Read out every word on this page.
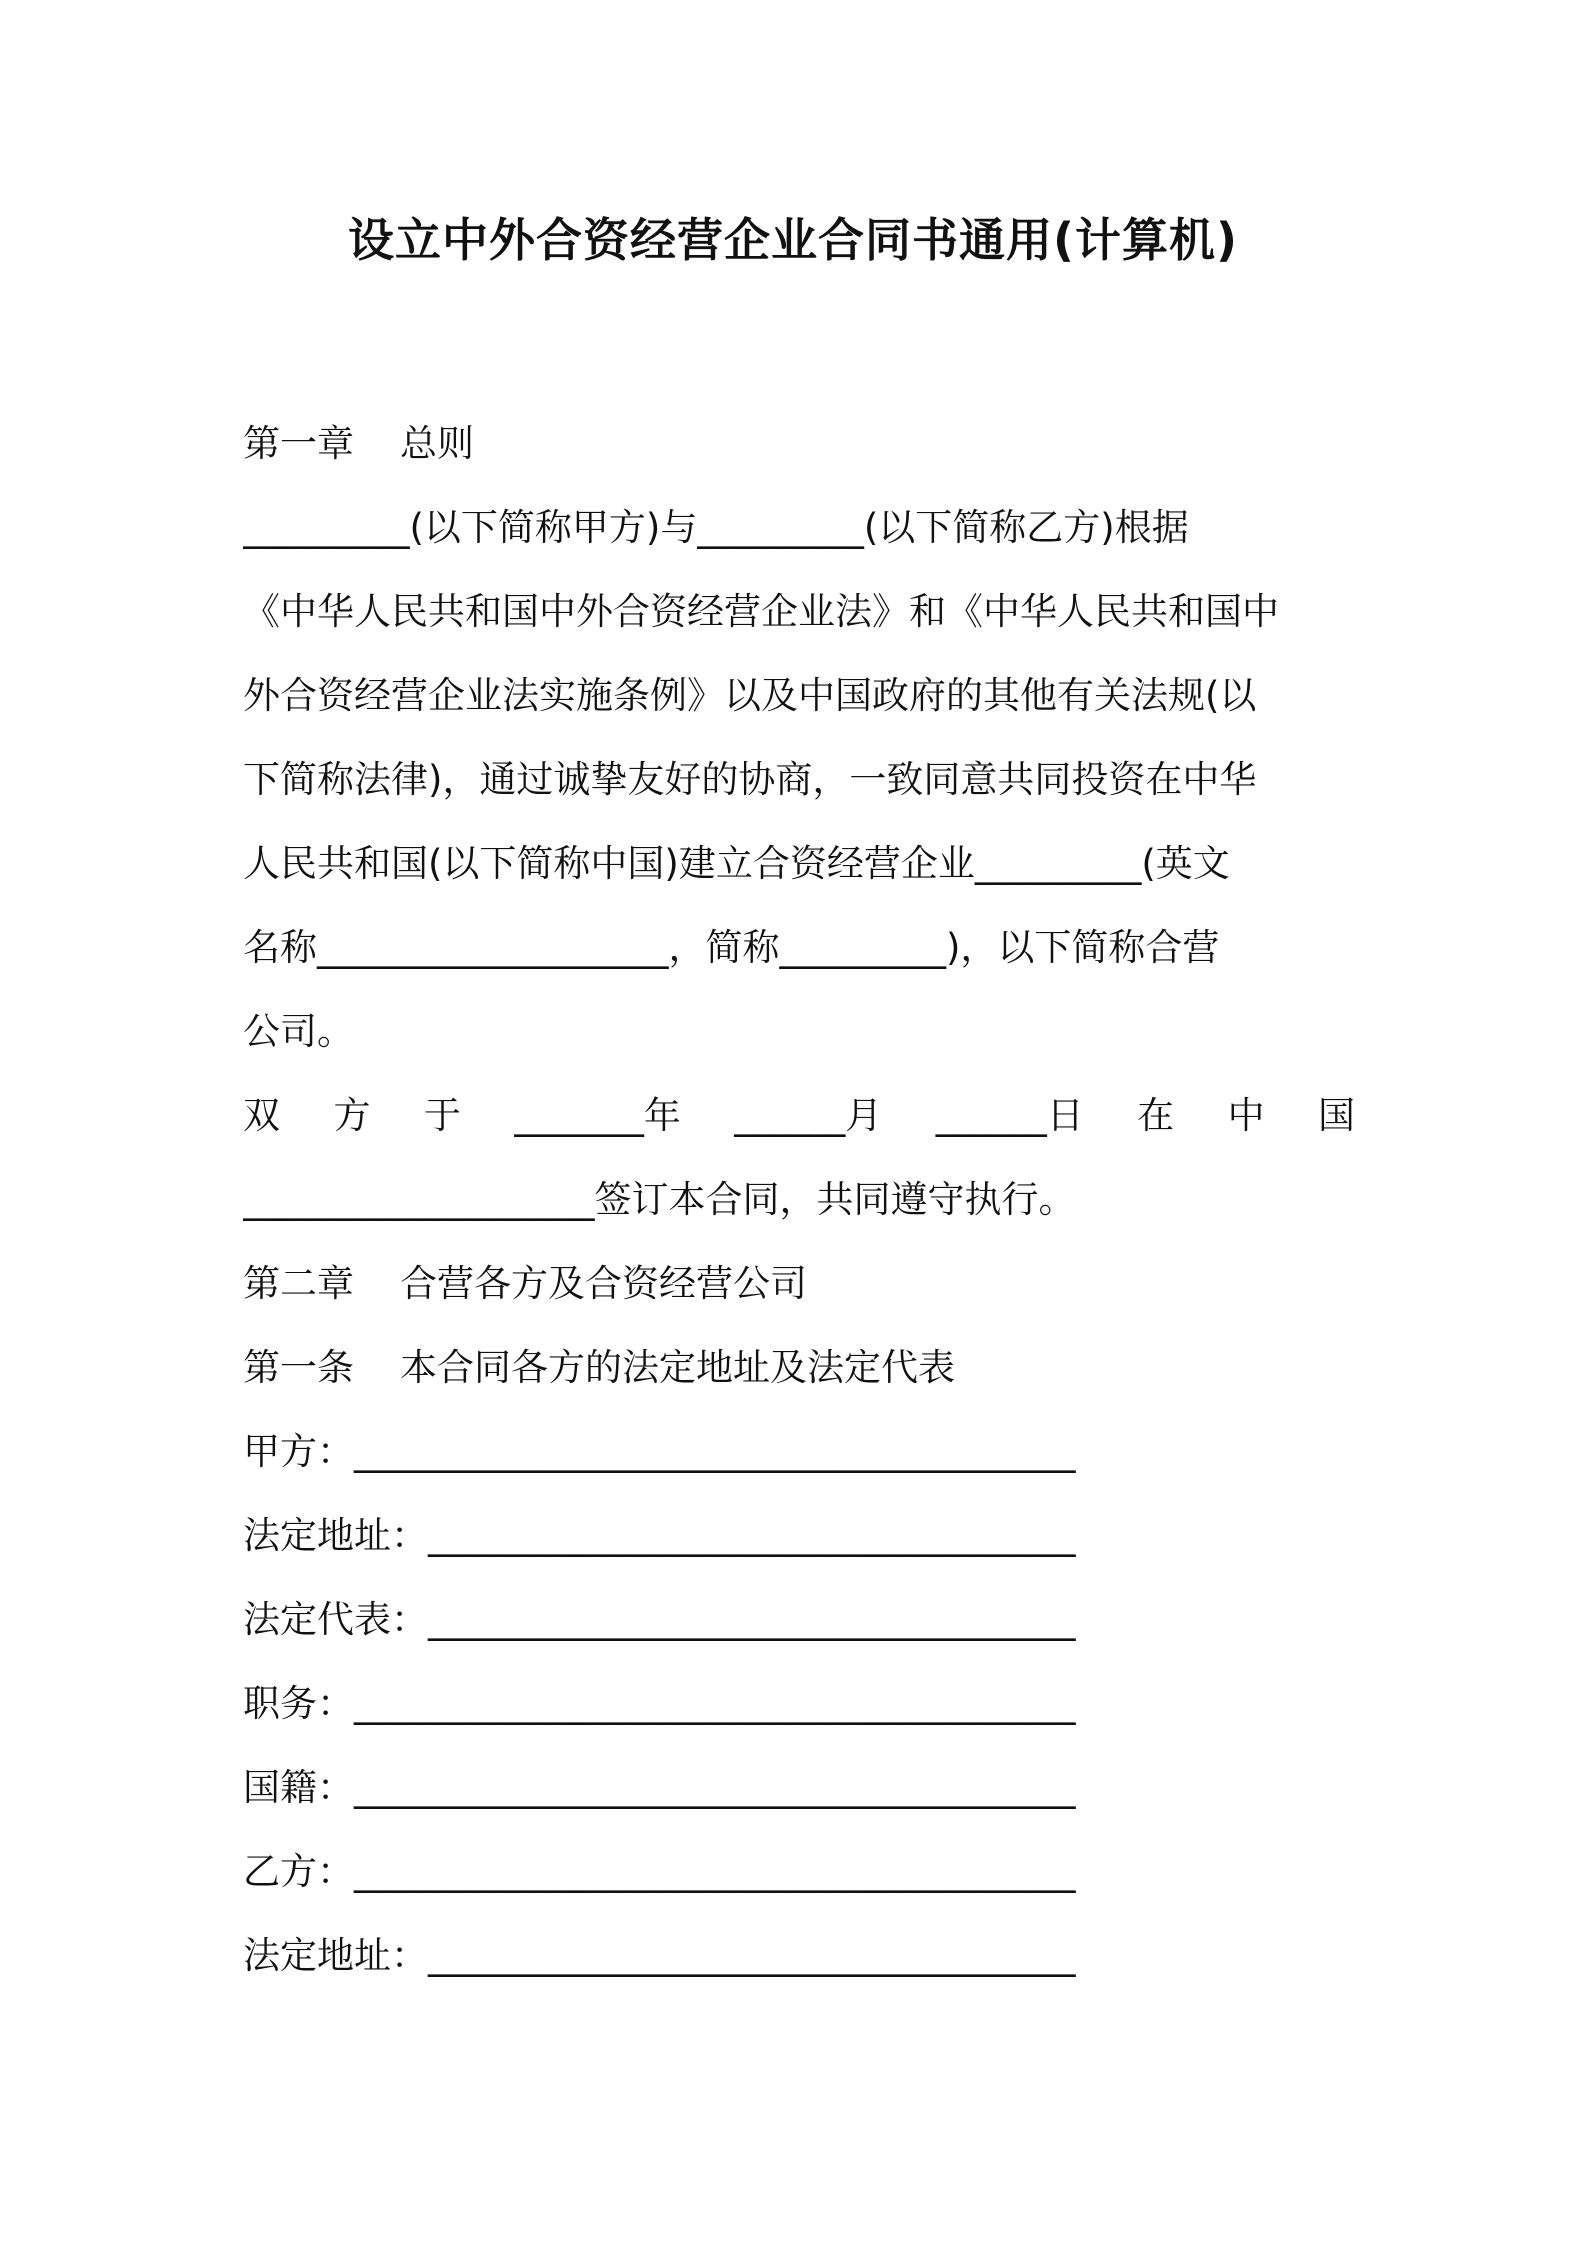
设立中外合资经营企业合同书通用(计算机)
第一章 总则
_________(以下简称甲方)与_________(以下简称乙方)根据
《中华人民共和国中外合资经营企业法》和《中华人民共和国中
外合资经营企业法实施条例》以及中国政府的其他有关法规(以
下简称法律)，通过诚挚友好的协商，一致同意共同投资在中华
人民共和国(以下简称中国)建立合资经营企业_________(英文
名称___________________，简称_________)，以下简称合营
公司。
双 方 于 _______年 ______月 ______日 在 中 国
___________________签订本合同，共同遵守执行。
第二章 合营各方及合资经营公司
第一条 本合同各方的法定地址及法定代表
甲方：_______________________________________
法定地址：___________________________________
法定代表：___________________________________
职务：_______________________________________
国籍：_______________________________________
乙方：_______________________________________
法定地址：___________________________________
